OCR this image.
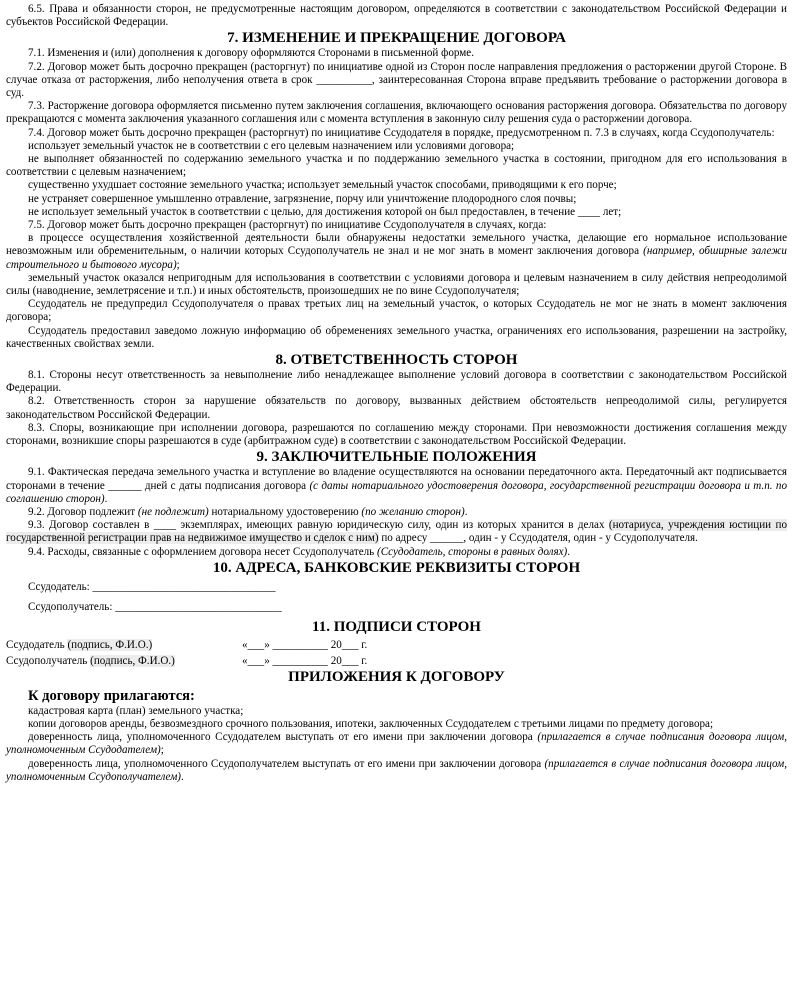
6.5. Права и обязанности сторон, не предусмотренные настоящим договором, определяются в соответствии с законодательством Российской Федерации и субъектов Российской Федерации.

7. ИЗМЕНЕНИЕ И ПРЕКРАЩЕНИЕ ДОГОВОРА

7.1. Изменения и (или) дополнения к договору оформляются Сторонами в письменной форме.

7.2. Договор может быть досрочно прекращен (расторгнут) по инициативе одной из Сторон после направления предложения о расторжении другой Стороне. В случае отказа от расторжения, либо неполучения ответа в срок __________, заинтересованная Сторона вправе предъявить требование о расторжении договора в суд.

7.3. Расторжение договора оформляется письменно путем заключения соглашения, включающего основания расторжения договора. Обязательства по договору прекращаются с момента заключения указанного соглашения или с момента вступления в законную силу решения суда о расторжении договора.

7.4. Договор может быть досрочно прекращен (расторгнут) по инициативе Ссудодателя в порядке, предусмотренном п. 7.3 в случаях, когда Ссудополучатель:

использует земельный участок не в соответствии с его целевым назначением или условиями договора;

не выполняет обязанностей по содержанию земельного участка и по поддержанию земельного участка в состоянии, пригодном для его использования в соответствии с целевым назначением;

существенно ухудшает состояние земельного участка; использует земельный участок способами, приводящими к его порче;

не устраняет совершенное умышленно отравление, загрязнение, порчу или уничтожение плодородного слоя почвы;

не использует земельный участок в соответствии с целью, для достижения которой он был предоставлен, в течение ____ лет;

7.5. Договор может быть досрочно прекращен (расторгнут) по инициативе Ссудополучателя в случаях, когда:

в процессе осуществления хозяйственной деятельности были обнаружены недостатки земельного участка, делающие его нормальное использование невозможным или обременительным, о наличии которых Ссудополучатель не знал и не мог знать в момент заключения договора (например, обширные залежи строительного и бытового мусора);

земельный участок оказался непригодным для использования в соответствии с условиями договора и целевым назначением в силу действия непреодолимой силы (наводнение, землетрясение и т.п.) и иных обстоятельств, произошедших не по вине Ссудополучателя;

Ссудодатель не предупредил Ссудополучателя о правах третьих лиц на земельный участок, о которых Ссудодатель не мог не знать в момент заключения договора;

Ссудодатель предоставил заведомо ложную информацию об обременениях земельного участка, ограничениях его использования, разрешении на застройку, качественных свойствах земли.

8. ОТВЕТСТВЕННОСТЬ СТОРОН

8.1. Стороны несут ответственность за невыполнение либо ненадлежащее выполнение условий договора в соответствии с законодательством Российской Федерации.

8.2. Ответственность сторон за нарушение обязательств по договору, вызванных действием обстоятельств непреодолимой силы, регулируется законодательством Российской Федерации.

8.3. Споры, возникающие при исполнении договора, разрешаются по соглашению между сторонами. При невозможности достижения соглашения между сторонами, возникшие споры разрешаются в суде (арбитражном суде) в соответствии с законодательством Российской Федерации.

9. ЗАКЛЮЧИТЕЛЬНЫЕ ПОЛОЖЕНИЯ

9.1. Фактическая передача земельного участка и вступление во владение осуществляются на основании передаточного акта. Передаточный акт подписывается сторонами в течение ______ дней с даты подписания договора (с даты нотариального удостоверения договора, государственной регистрации договора и т.п. по соглашению сторон).

9.2. Договор подлежит (не подлежит) нотариальному удостоверению (по желанию сторон).

9.3. Договор составлен в ____ экземплярах, имеющих равную юридическую силу, один из которых хранится в делах (нотариуса, учреждения юстиции по государственной регистрации прав на недвижимое имущество и сделок с ним) по адресу ______, один - у Ссудодателя, один - у Ссудополучателя.

9.4. Расходы, связанные с оформлением договора несет Ссудополучатель (Ссудодатель, стороны в равных долях).

10. АДРЕСА, БАНКОВСКИЕ РЕКВИЗИТЫ СТОРОН
Ссудодатель: _________________________________
Ссудополучатель: ______________________________
11. ПОДПИСИ СТОРОН
Ссудодатель (подпись, Ф.И.О.)	«___» __________ 20___ г.
Ссудополучатель (подпись, Ф.И.О.)	«___» __________ 20___ г.
ПРИЛОЖЕНИЯ К ДОГОВОРУ
К договору прилагаются:

кадастровая карта (план) земельного участка;

копии договоров аренды, безвозмездного срочного пользования, ипотеки, заключенных Ссудодателем с третьими лицами по предмету договора;

доверенность лица, уполномоченного Ссудодателем выступать от его имени при заключении договора (прилагается в случае подписания договора лицом, уполномоченным Ссудодателем);

доверенность лица, уполномоченного Ссудополучателем выступать от его имени при заключении договора (прилагается в случае подписания договора лицом, уполномоченным Ссудополучателем).
